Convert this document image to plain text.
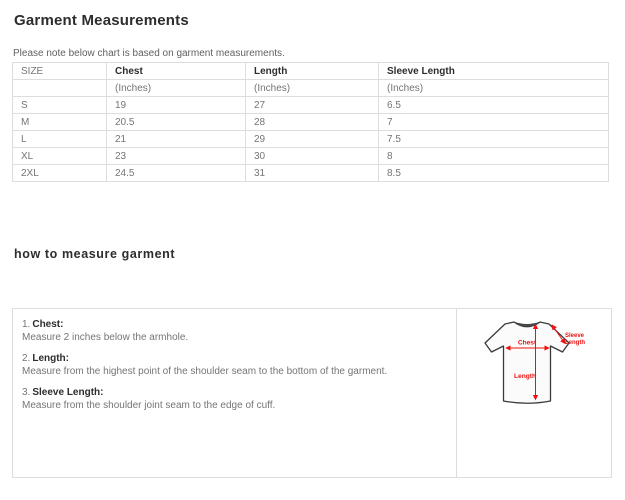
Garment Measurements
Please note below chart is based on garment measurements.
SIZE	Chest	Length	Sleeve Length
	(Inches)	(Inches)	(Inches)
S	19	27	6.5
M	20.5	28	7
L	21	29	7.5
XL	23	30	8
2XL	24.5	31	8.5
how to measure garment
1. Chest:
Measure 2 inches below the armhole.
2. Length:
Measure from the highest point of the shoulder seam to the bottom of the garment.
3. Sleeve Length:
Measure from the shoulder joint seam to the edge of cuff.
Chest
Length
Sleeve
Length
